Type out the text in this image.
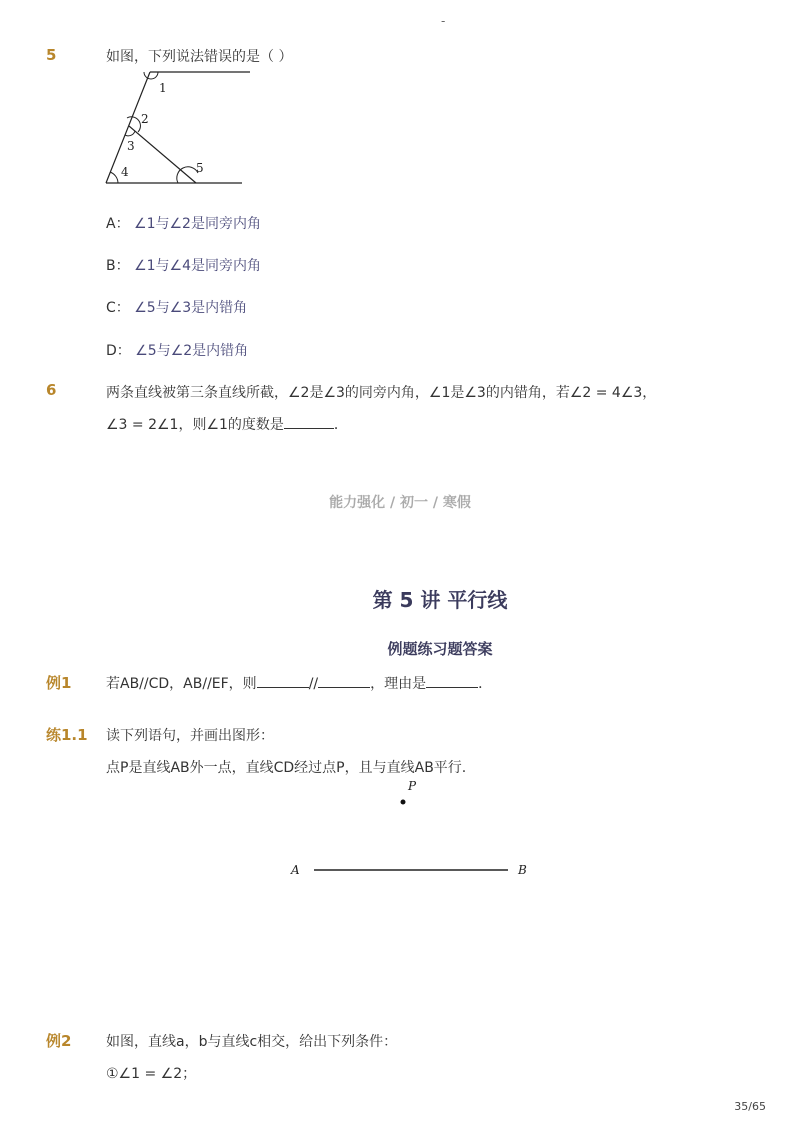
-
5	如图，下列说法错误的是（ ）
1
2
3
4	5
A： ∠1与∠2是同旁内角
B： ∠1与∠4是同旁内角
C： ∠5与∠3是内错角
D： ∠5与∠2是内错角
6	两条直线被第三条直线所截，∠2是∠3的同旁内角，∠1是∠3的内错角，若∠2 = 4∠3，
∠3 = 2∠1，则∠1的度数是	．
能力强化 / 初一 / 寒假
第 5 讲 平行线
例题练习题答案
例1 若AB//CD，AB//EF，则	//	，理由是	．
练1.1 读下列语句，并画出图形：
点P是直线AB外一点，直线CD经过点P，且与直线AB平行.
P
A	B
例2 如图，直线a，b与直线c相交，给出下列条件：
①∠1 = ∠2；
35/65
